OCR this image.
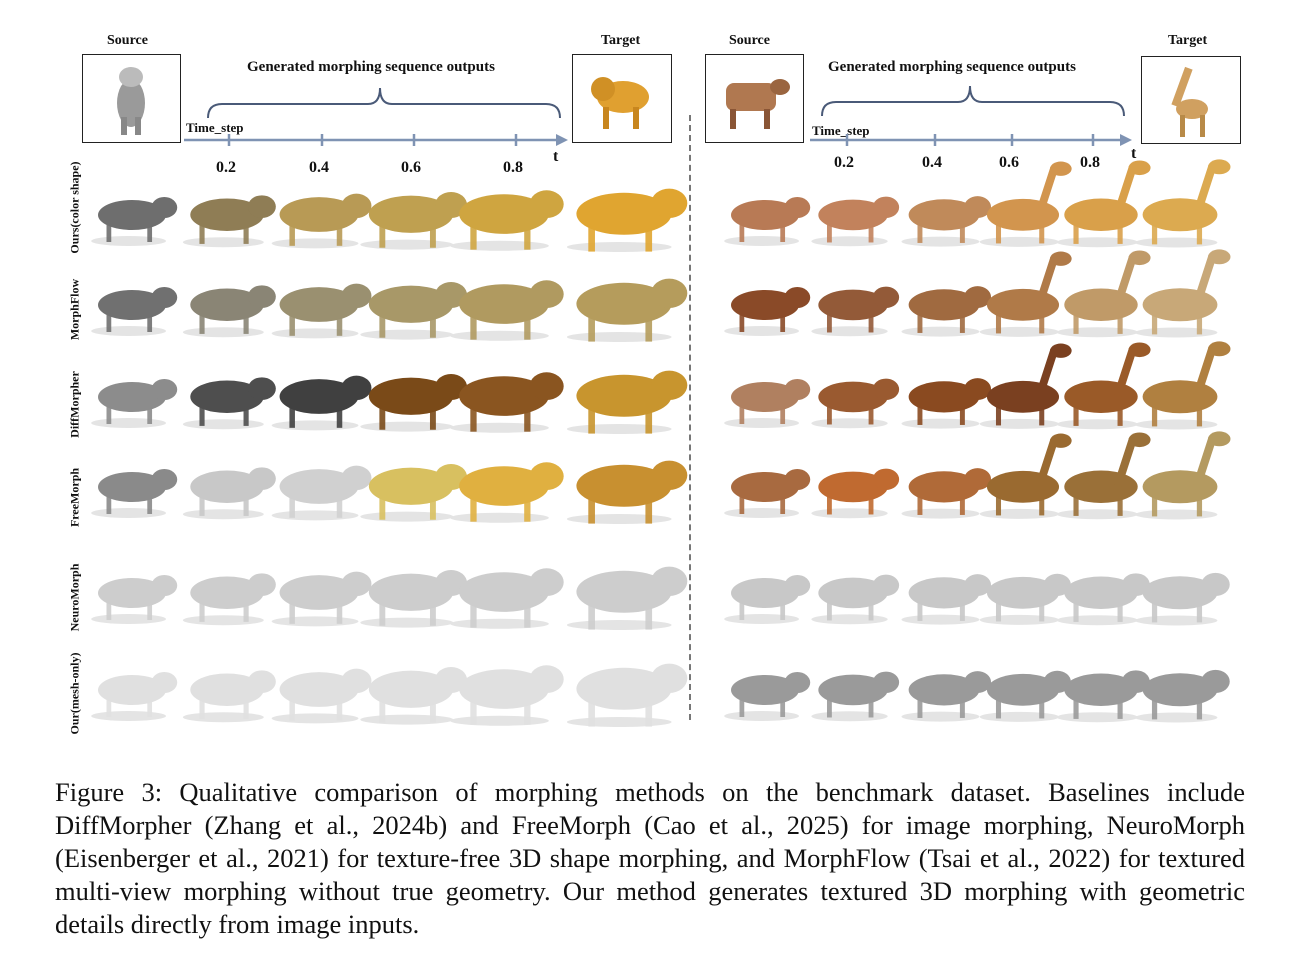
Source	Target
Generated morphing sequence outputs
Time_step
t
0.2	0.4	0.6	0.8
Source	Target
Generated morphing sequence outputs
Time_step
t
0.2	0.4	0.6	0.8
Ours(color shape)
MorphFlow
DiffMorpher
FreeMorph
NeuroMorph
Our(mesh-only)
Figure 3: Qualitative comparison of morphing methods on the benchmark dataset. Baselines include DiffMorpher (Zhang et al., 2024b) and FreeMorph (Cao et al., 2025) for image morphing, NeuroMorph (Eisenberger et al., 2021) for texture-free 3D shape morphing, and MorphFlow (Tsai et al., 2022) for textured multi-view morphing without true geometry. Our method generates textured 3D morphing with geometric details directly from image inputs.
